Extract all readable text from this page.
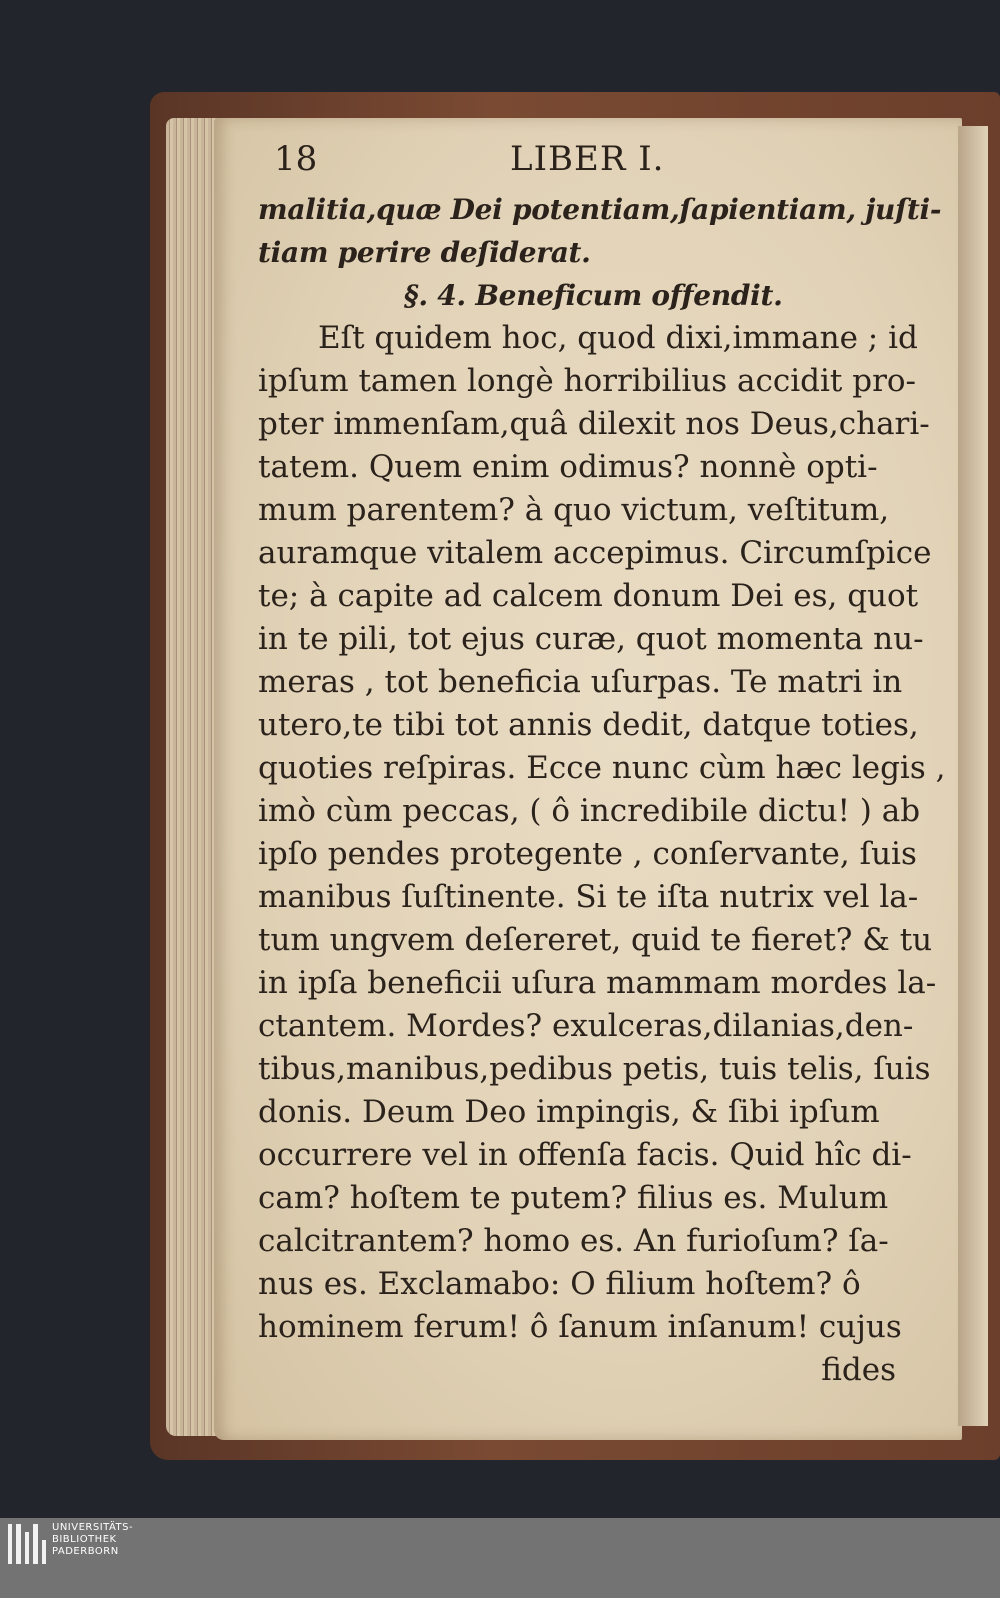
18	LIBER I.
malitia,quæ Dei potentiam,ſapientiam, juſti-
tiam perire deſiderat.
§. 4. Beneficum offendit.
Eſt quidem hoc, quod dixi,immane ; id
ipſum tamen longè horribilius accidit pro-
pter immenſam,quâ dilexit nos Deus,chari-
tatem. Quem enim odimus? nonnè opti-
mum parentem? à quo victum, veſtitum,
auramque vitalem accepimus. Circumſpice
te; à capite ad calcem donum Dei es, quot
in te pili, tot ejus curæ, quot momenta nu-
meras , tot beneficia uſurpas. Te matri in
utero,te tibi tot annis dedit, datque toties,
quoties reſpiras. Ecce nunc cùm hæc legis ,
imò cùm peccas, ( ô incredibile dictu! ) ab
ipſo pendes protegente , conſervante, ſuis
manibus ſuſtinente. Si te iſta nutrix vel la-
tum ungvem deſereret, quid te fieret? & tu
in ipſa beneficii uſura mammam mordes la-
ctantem. Mordes? exulceras,dilanias,den-
tibus,manibus,pedibus petis, tuis telis, ſuis
donis. Deum Deo impingis, & ſibi ipſum
occurrere vel in offenſa facis. Quid hîc di-
cam? hoſtem te putem? filius es. Mulum
calcitrantem? homo es. An furioſum? ſa-
nus es. Exclamabo: O filium hoſtem? ô
hominem ferum! ô ſanum inſanum! cujus
fides
UNIVERSITÄTS-
BIBLIOTHEK
PADERBORN
